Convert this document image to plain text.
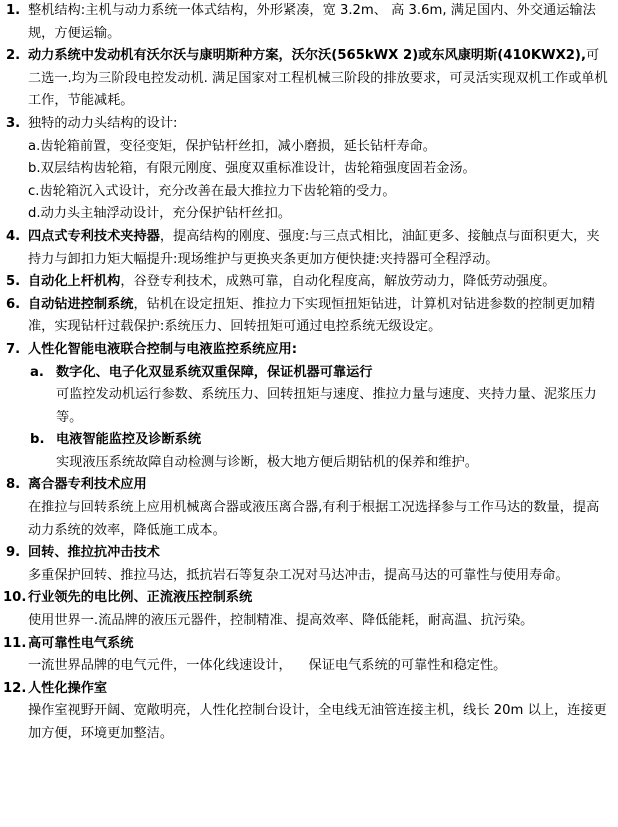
1. 整机结构:主机与动力系统一体式结构，外形紧凑，宽 3.2m、 高 3.6m, 满足国内、外交通运输法规，方便运输。
2. 动力系统中发动机有沃尔沃与康明斯种方案，沃尔沃(565kWX 2)或东风康明斯(410KWX2),可二选一.均为三阶段电控发动机. 满足国家对工程机械三阶段的排放要求，可灵活实现双机工作或单机工作，节能减耗。
3. 独特的动力头结构的设计:
a.齿轮箱前置，变径变矩，保护钻杆丝扣，减小磨损，延长钻杆寿命。
b.双层结构齿轮箱，有限元刚度、强度双重标准设计，齿轮箱强度固若金汤。
c.齿轮箱沉入式设计，充分改善在最大推拉力下齿轮箱的受力。
d.动力头主轴浮动设计，充分保护钻杆丝扣。
4. 四点式专利技术夹持器，提高结构的刚度、强度:与三点式相比，油缸更多、接触点与面积更大，夹持力与卸扣力矩大幅提升:现场维护与更换夹条更加方便快捷:夹持器可全程浮动。
5. 自动化上杆机构，谷登专利技术，成熟可靠，自动化程度高，解放劳动力，降低劳动强度。
6. 自动钻进控制系统，钻机在设定扭矩、推拉力下实现恒扭矩钻进，计算机对钻进参数的控制更加精准，实现钻杆过载保护:系统压力、回转扭矩可通过电控系统无级设定。
7. 人性化智能电液联合控制与电液监控系统应用:
a. 数字化、电子化双显系统双重保障，保证机器可靠运行
可监控发动机运行参数、系统压力、回转扭矩与速度、推拉力量与速度、夹持力量、泥浆压力等。
b. 电液智能监控及诊断系统
实现液压系统故障自动检测与诊断，极大地方便后期钻机的保养和维护。
8. 离合器专利技术应用
在推拉与回转系统上应用机械离合器或液压离合器,有利于根据工况选择参与工作马达的数量，提高动力系统的效率，降低施工成本。
9. 回转、推拉抗冲击技术
多重保护回转、推拉马达，抵抗岩石等复杂工况对马达冲击，提高马达的可靠性与使用寿命。
10. 行业领先的电比例、正流液压控制系统
使用世界一.流品牌的液压元器件，控制精准、提高效率、降低能耗，耐高温、抗污染。
11. 高可靠性电气系统
一流世界品牌的电气元件，一体化线速设计，    保证电气系统的可靠性和稳定性。
12. 人性化操作室
操作室视野开阔、宽敞明亮，人性化控制台设计，全电线无油管连接主机，线长 20m 以上，连接更加方便，环境更加整洁。
